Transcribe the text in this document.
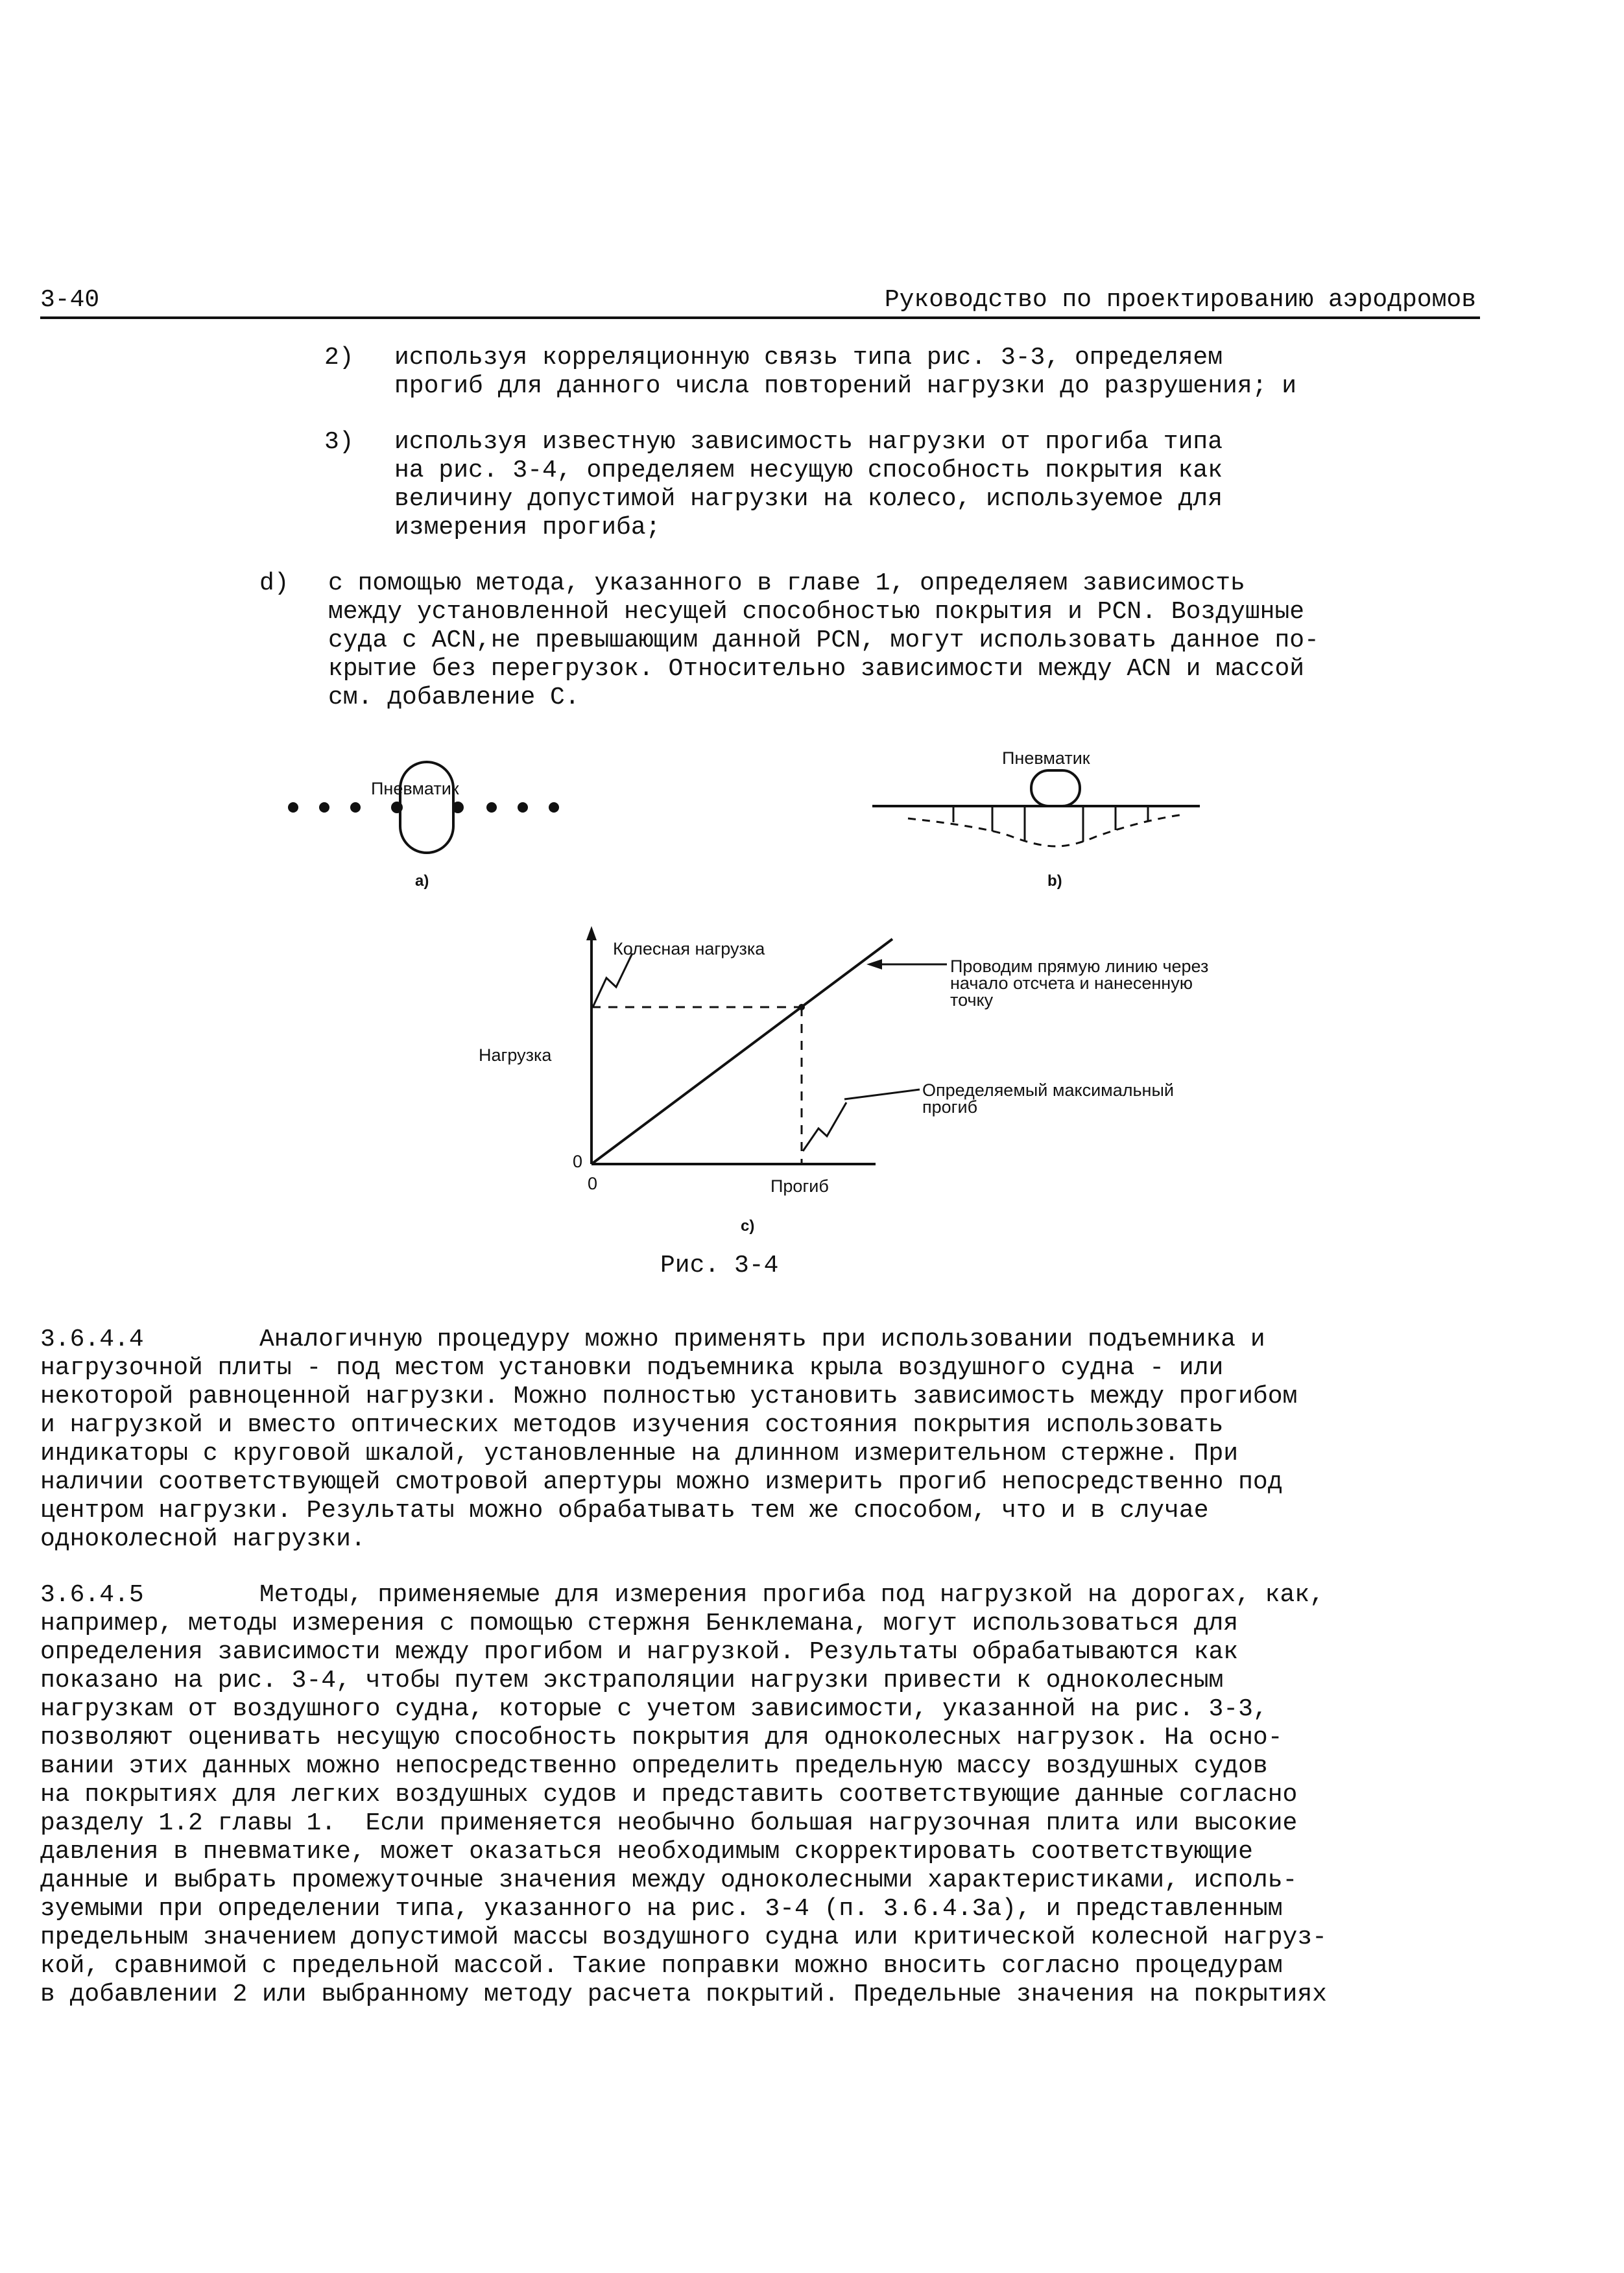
3-40	Руководство по проектированию аэродромов
2) используя корреляционную связь типа рис. 3-3, определяем
прогиб для данного числа повторений нагрузки до разрушения; и
3) используя известную зависимость нагрузки от прогиба типа
на рис. 3-4, определяем несущую способность покрытия как
величину допустимой нагрузки на колесо, используемое для
измерения прогиба;
d) с помощью метода, указанного в главе 1, определяем зависимость
между установленной несущей способностью покрытия и PCN. Воздушные
суда с ACN,не превышающим данной PCN, могут использовать данное по-
крытие без перегрузок. Относительно зависимости между ACN и массой
см. добавление C.
Пневматик
a)
Пневматик
b)
Колесная нагрузка
Нагрузка
0
0	Прогиб
Проводим прямую линию через
начало отсчета и нанесенную
точку
Определяемый максимальный
прогиб
c)
Рис. 3-4
3.6.4.4	Аналогичную процедуру можно применять при использовании подъемника и
нагрузочной плиты - под местом установки подъемника крыла воздушного судна - или
некоторой равноценной нагрузки. Можно полностью установить зависимость между прогибом
и нагрузкой и вместо оптических методов изучения состояния покрытия использовать
индикаторы с круговой шкалой, установленные на длинном измерительном стержне. При
наличии соответствующей смотровой апертуры можно измерить прогиб непосредственно под
центром нагрузки. Результаты можно обрабатывать тем же способом, что и в случае
одноколесной нагрузки.
3.6.4.5	Методы, применяемые для измерения прогиба под нагрузкой на дорогах, как,
например, методы измерения с помощью стержня Бенклемана, могут использоваться для
определения зависимости между прогибом и нагрузкой. Результаты обрабатываются как
показано на рис. 3-4, чтобы путем экстраполяции нагрузки привести к одноколесным
нагрузкам от воздушного судна, которые с учетом зависимости, указанной на рис. 3-3,
позволяют оценивать несущую способность покрытия для одноколесных нагрузок. На осно-
вании этих данных можно непосредственно определить предельную массу воздушных судов
на покрытиях для легких воздушных судов и представить соответствующие данные согласно
разделу 1.2 главы 1.  Если применяется необычно большая нагрузочная плита или высокие
давления в пневматике, может оказаться необходимым скорректировать соответствующие
данные и выбрать промежуточные значения между одноколесными характеристиками, исполь-
зуемыми при определении типа, указанного на рис. 3-4 (п. 3.6.4.3a), и представленным
предельным значением допустимой массы воздушного судна или критической колесной нагруз-
кой, сравнимой с предельной массой. Такие поправки можно вносить согласно процедурам
в добавлении 2 или выбранному методу расчета покрытий. Предельные значения на покрытиях
